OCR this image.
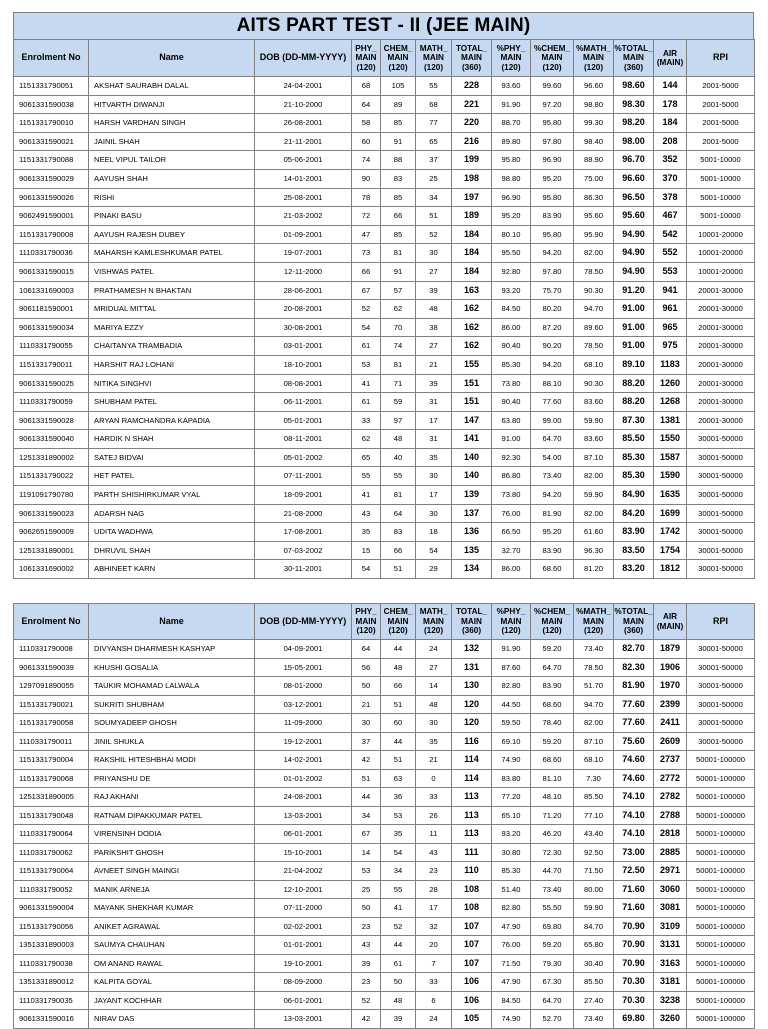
AITS PART TEST - II (JEE MAIN)
Enrolment No	Name	DOB (DD-MM-YYYY)	PHY_
MAIN
(120)	CHEM_
MAIN
(120)	MATH_
MAIN
(120)	TOTAL_
MAIN
(360)	%PHY_
MAIN
(120)	%CHEM_
MAIN
(120)	%MATH_
MAIN
(120)	%TOTAL_
MAIN
(360)	AIR
(MAIN)	RPI
1151331790051	AKSHAT SAURABH DALAL	24-04-2001	68	105	55	228	93.60	99.60	96.60	98.60	144	2001-5000
9061331590038	HITVARTH DIWANJI	21-10-2000	64	89	68	221	91.90	97.20	98.80	98.30	178	2001-5000
1151331790010	HARSH VARDHAN SINGH	26-08-2001	58	85	77	220	88.70	95.80	99.30	98.20	184	2001-5000
9061331590021	JAINIL SHAH	21-11-2001	60	91	65	216	89.80	97.80	98.40	98.00	208	2001-5000
1151331790088	NEEL VIPUL TAILOR	05-06-2001	74	88	37	199	95.80	96.90	88.90	96.70	352	5001-10000
9061331590029	AAYUSH SHAH	14-01-2001	90	83	25	198	98.80	95.20	75.00	96.60	370	5001-10000
9061331590026	RISHI	25-08-2001	78	85	34	197	96.90	95.80	86.30	96.50	378	5001-10000
9062491590001	PINAKI BASU	21-03-2002	72	66	51	189	95.20	83.90	95.60	95.60	467	5001-10000
1151331790008	AAYUSH RAJESH DUBEY	01-09-2001	47	85	52	184	80.10	95.80	95.90	94.90	542	10001-20000
1110331790036	MAHARSH KAMLESHKUMAR PATEL	19-07-2001	73	81	30	184	95.50	94.20	82.00	94.90	552	10001-20000
9061331590015	VISHWAS PATEL	12-11-2000	66	91	27	184	92.80	97.80	78.50	94.90	553	10001-20000
1061331690003	PRATHAMESH N BHAKTAN	28-06-2001	67	57	39	163	93.20	75.70	90.30	91.20	941	20001-30000
9061181590001	MRIDUAL MITTAL	20-08-2001	52	62	48	162	84.50	80.20	94.70	91.00	961	20001-30000
9061331590034	MARIYA EZZY	30-08-2001	54	70	38	162	86.00	87.20	89.60	91.00	965	20001-30000
1110331790055	CHAITANYA TRAMBADIA	03-01-2001	61	74	27	162	90.40	90.20	78.50	91.00	975	20001-30000
1151331790011	HARSHIT RAJ LOHANI	18-10-2001	53	81	21	155	85.30	94.20	68.10	89.10	1183	20001-30000
9061331590025	NITIKA SINGHVI	08-08-2001	41	71	39	151	73.80	88.10	90.30	88.20	1260	20001-30000
1110331790059	SHUBHAM PATEL	06-11-2001	61	59	31	151	90.40	77.60	83.60	88.20	1268	20001-30000
9061331590028	ARYAN RAMCHANDRA KAPADIA	05-01-2001	33	97	17	147	63.80	99.00	59.90	87.30	1381	20001-30000
9061331590040	HARDIK N SHAH	08-11-2001	62	48	31	141	91.00	64.70	83.60	85.50	1550	30001-50000
1251331890002	SATEJ BIDVAI	05-01-2002	65	40	35	140	92.30	54.00	87.10	85.30	1587	30001-50000
1151331790022	HET PATEL	07-11-2001	55	55	30	140	86.80	73.40	82.00	85.30	1590	30001-50000
1191091790780	PARTH SHISHIRKUMAR VYAL	18-09-2001	41	81	17	139	73.80	94.20	59.90	84.90	1635	30001-50000
9061331590023	ADARSH NAG	21-08-2000	43	64	30	137	76.00	81.90	82.00	84.20	1699	30001-50000
9062651590009	UDITA WADHWA	17-08-2001	35	83	18	136	66.50	95.20	61.60	83.90	1742	30001-50000
1251331890001	DHRUVIL SHAH	07-03-2002	15	66	54	135	32.70	83.90	96.30	83.50	1754	30001-50000
1061331690002	ABHINEET KARN	30-11-2001	54	51	29	134	86.00	68.60	81.20	83.20	1812	30001-50000
Enrolment No	Name	DOB (DD-MM-YYYY)	PHY_
MAIN
(120)	CHEM_
MAIN
(120)	MATH_
MAIN
(120)	TOTAL_
MAIN
(360)	%PHY_
MAIN
(120)	%CHEM_
MAIN
(120)	%MATH_
MAIN
(120)	%TOTAL_
MAIN
(360)	AIR
(MAIN)	RPI
1110331790008	DIVYANSH DHARMESH KASHYAP	04-09-2001	64	44	24	132	91.90	59.20	73.40	82.70	1879	30001-50000
9061331590039	KHUSHI GOSALIA	15-05-2001	56	48	27	131	87.60	64.70	78.50	82.30	1906	30001-50000
1297091890055	TAUKIR MOHAMAD LALWALA	08-01-2000	50	66	14	130	82.80	83.90	51.70	81.90	1970	30001-50000
1151331790021	SUKRITI SHUBHAM	03-12-2001	21	51	48	120	44.50	68.60	94.70	77.60	2399	30001-50000
1151331790058	SOUMYADEEP GHOSH	11-09-2000	30	60	30	120	59.50	78.40	82.00	77.60	2411	30001-50000
1110331790011	JINIL SHUKLA	19-12-2001	37	44	35	116	69.10	59.20	87.10	75.60	2609	30001-50000
1151331790004	RAKSHIL HITESHBHAI MODI	14-02-2001	42	51	21	114	74.90	68.60	68.10	74.60	2737	50001-100000
1151331790068	PRIYANSHU DE	01-01-2002	51	63	0	114	83.80	81.10	7.30	74.60	2772	50001-100000
1251331890005	RAJ AKHANI	24-08-2001	44	36	33	113	77.20	48.10	85.50	74.10	2782	50001-100000
1151331790048	RATNAM DIPAKKUMAR PATEL	13-03-2001	34	53	26	113	65.10	71.20	77.10	74.10	2788	50001-100000
1110331790064	VIRENSINH DODIA	06-01-2001	67	35	11	113	93.20	46.20	43.40	74.10	2818	50001-100000
1110331790062	PARIKSHIT GHOSH	15-10-2001	14	54	43	111	30.80	72.30	92.50	73.00	2885	50001-100000
1151331790064	AVNEET SINGH MAINGI	21-04-2002	53	34	23	110	85.30	44.70	71.50	72.50	2971	50001-100000
1110331790052	MANIK ARNEJA	12-10-2001	25	55	28	108	51.40	73.40	80.00	71.60	3060	50001-100000
9061331590004	MAYANK SHEKHAR KUMAR	07-11-2000	50	41	17	108	82.80	55.50	59.90	71.60	3081	50001-100000
1151331790056	ANIKET AGRAWAL	02-02-2001	23	52	32	107	47.90	69.80	84.70	70.90	3109	50001-100000
1351331890003	SAUMYA CHAUHAN	01-01-2001	43	44	20	107	76.00	59.20	65.80	70.90	3131	50001-100000
1110331790038	OM ANAND RAWAL	19-10-2001	39	61	7	107	71.50	79.30	30.40	70.90	3163	50001-100000
1351331890012	KALPITA GOYAL	08-09-2000	23	50	33	106	47.90	67.30	85.50	70.30	3181	50001-100000
1110331790035	JAYANT KOCHHAR	06-01-2001	52	48	6	106	84.50	64.70	27.40	70.30	3238	50001-100000
9061331590016	NIRAV DAS	13-03-2001	42	39	24	105	74.90	52.70	73.40	69.80	3260	50001-100000
